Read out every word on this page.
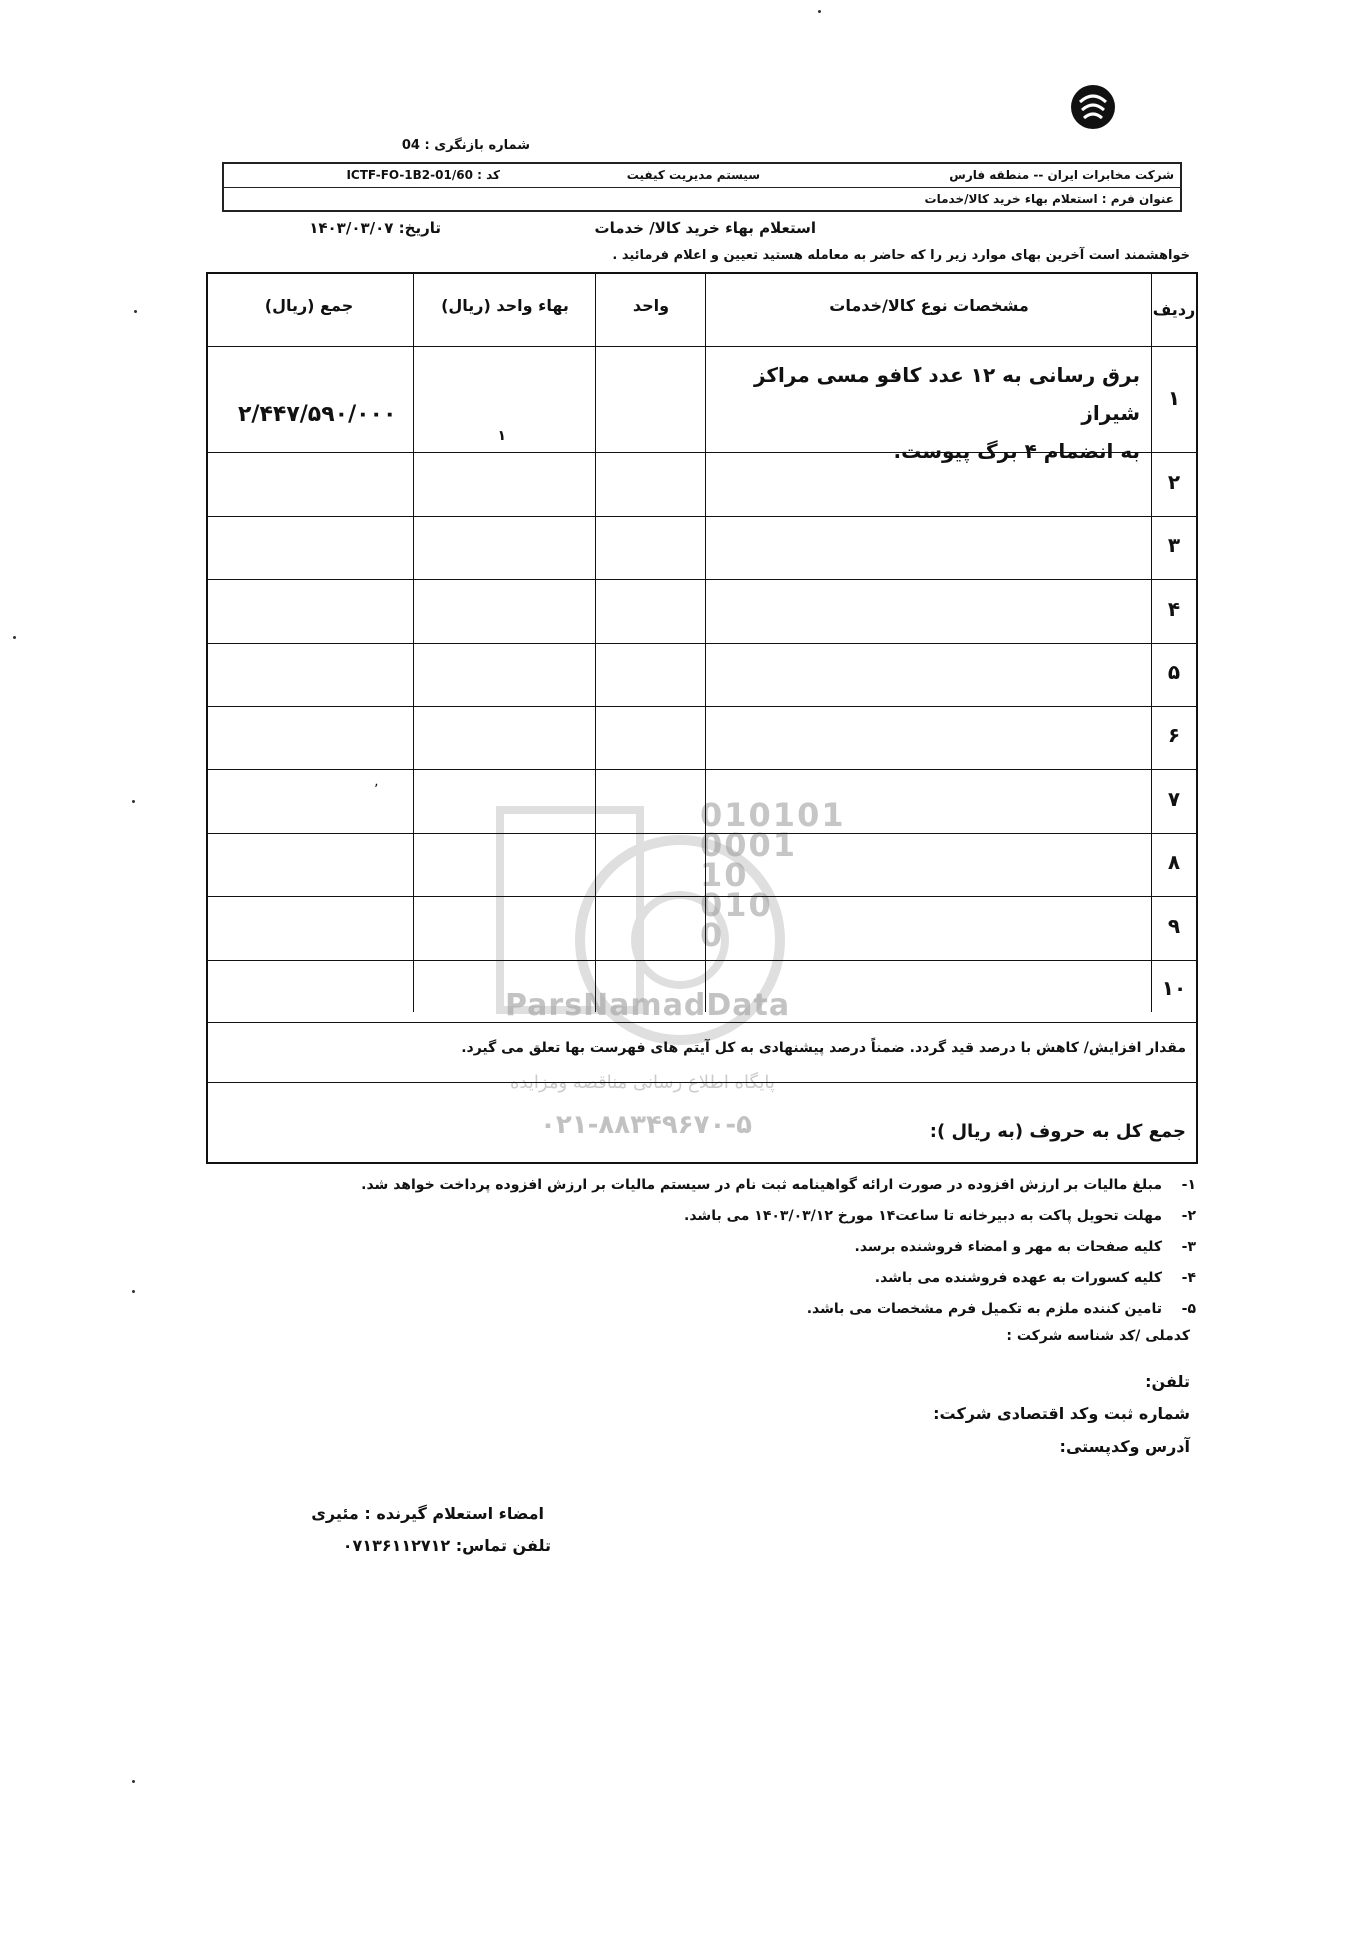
شماره بازنگری : 04
شرکت مخابرات ایران -- منطقه فارس
سیستم مدیریت کیفیت
کد : ICTF-FO-1B2-01/60
عنوان فرم : استعلام بهاء خرید کالا/خدمات
استعلام بهاء خرید کالا/ خدمات
تاریخ: ۱۴۰۳/۰۳/۰۷
خواهشمند است آخرین بهای موارد زیر را که حاضر به معامله هستید تعیین و اعلام فرمائید .
010101
0001
10
010
0
ParsNamadData
پایگاه اطلاع رسانی مناقصه ومزایده
۰۲۱-۸۸۳۴۹۶۷۰-۵
ردیف
مشخصات نوع کالا/خدمات
واحد
بهاء واحد (ریال)
جمع (ریال)
۱
۲
۳
۴
۵
۶
۷
۸
۹
۱۰
برق رسانی به ۱۲ عدد کافو مسی مراکز شیراز
به انضمام ۴ برگ پیوست.
۱
۲/۴۴۷/۵۹۰/۰۰۰
٬
مقدار افزایش/ کاهش با درصد قید گردد. ضمناً درصد پیشنهادی به کل آیتم های فهرست بها تعلق می گیرد.
جمع کل به حروف (به ریال ):
۱-مبلغ مالیات بر ارزش افزوده در صورت ارائه گواهینامه ثبت نام در سیستم مالیات بر ارزش افزوده پرداخت خواهد شد.
۲-مهلت تحویل پاکت به دبیرخانه تا ساعت۱۴ مورخ ۱۴۰۳/۰۳/۱۲ می باشد.
۳-کلیه صفحات به مهر و امضاء فروشنده برسد.
۴-کلیه کسورات به عهده فروشنده می باشد.
۵-تامین کننده ملزم به تکمیل فرم مشخصات می باشد.
کدملی /کد شناسه شرکت :
تلفن:
شماره ثبت وکد اقتصادی شرکت:
آدرس وکدپستی:
امضاء استعلام گیرنده : مئیری
تلفن تماس: ۰۷۱۳۶۱۱۲۷۱۲
